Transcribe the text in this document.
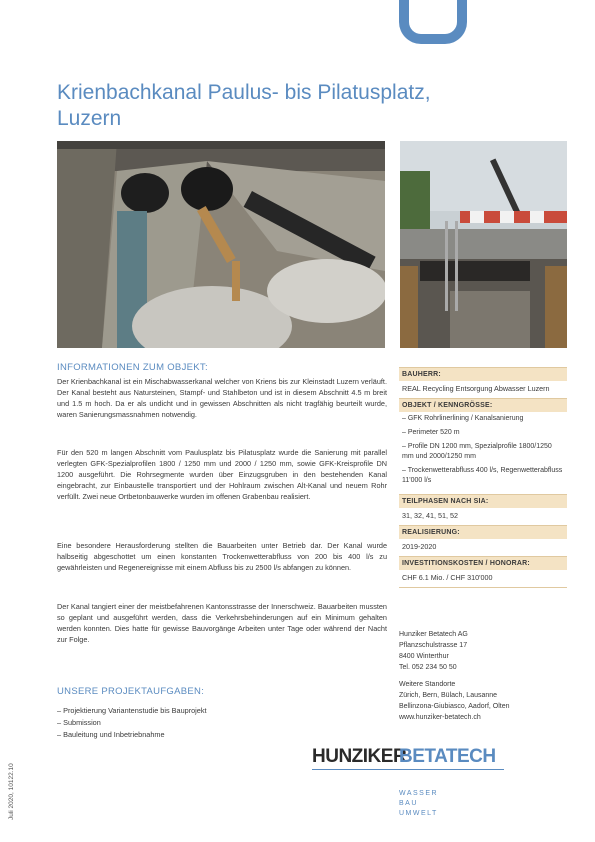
Krienbachkanal Paulus- bis Pilatusplatz,
Luzern
INFORMATIONEN ZUM OBJEKT:

Der Krienbachkanal ist ein Mischabwasserkanal welcher von Kriens bis zur Kleinstadt Luzern verläuft. Der Kanal besteht aus Natursteinen, Stampf- und Stahlbeton und ist in diesem Abschnitt 4.5 m breit und 1.5 m hoch. Da er als undicht und in gewissen Abschnitten als nicht tragfähig beurteilt wurde, waren Sanierungsmassnahmen notwendig.

Für den 520 m langen Abschnitt vom Paulusplatz bis Pilatusplatz wurde die Sanierung mit parallel verlegten GFK-Spezialprofilen 1800 / 1250 mm und 2000 / 1250 mm, sowie GFK-Kreisprofile DN 1200 ausgeführt. Die Rohrsegmente wurden über Einzugsgruben in den bestehenden Kanal eingebracht, zur Einbaustelle transportiert und der Hohlraum zwischen Alt-Kanal und neuem Rohr verfüllt. Zwei neue Ortbetonbauwerke wurden im offenen Grabenbau realisiert.

Eine besondere Herausforderung stellten die Bauarbeiten unter Betrieb dar. Der Kanal wurde halbseitig abgeschottet um einen konstanten Trockenwetterabfluss von 200 bis 400 l/s zu gewährleisten und Regenereignisse mit einem Abfluss bis zu 2500 l/s abfangen zu können.

Der Kanal tangiert einer der meistbefahrenen Kantonsstrasse der Innerschweiz. Bauarbeiten mussten so geplant und ausgeführt werden, dass die Verkehrsbehinderungen auf ein Minimum gehalten werden konnten. Dies hatte für gewisse Bauvorgänge Arbeiten unter Tage oder während der Nacht zur Folge.

UNSERE PROJEKTAUFGABEN:
– Projektierung Variantenstudie bis Bauprojekt
– Submission
– Bauleitung und Inbetriebnahme
BAUHERR:
REAL Recycling Entsorgung Abwasser Luzern
OBJEKT / KENNGRÖSSE:
– GFK Rohrlinerlining / Kanalsanierung
– Perimeter 520 m
– Profile DN 1200 mm, Spezialprofile 1800/1250 mm und 2000/1250 mm
– Trockenwetterabfluss 400 l/s, Regenwetterabfluss 11'000 l/s
TEILPHASEN NACH SIA:
31, 32, 41, 51, 52
REALISIERUNG:
2019-2020
INVESTITIONSKOSTEN / HONORAR:
CHF 6.1 Mio. / CHF 310'000

Hunziker Betatech AG

Pflanzschulstrasse 17

8400 Winterthur

Tel. 052 234 50 50

Weitere Standorte

Zürich, Bern, Bülach, Lausanne

Bellinzona-Giubiasco, Aadorf, Olten

www.hunziker-betatech.ch

HUNZIKER
BETATECH
WASSER
BAU
UMWELT
Juli 2020, 10122.10
